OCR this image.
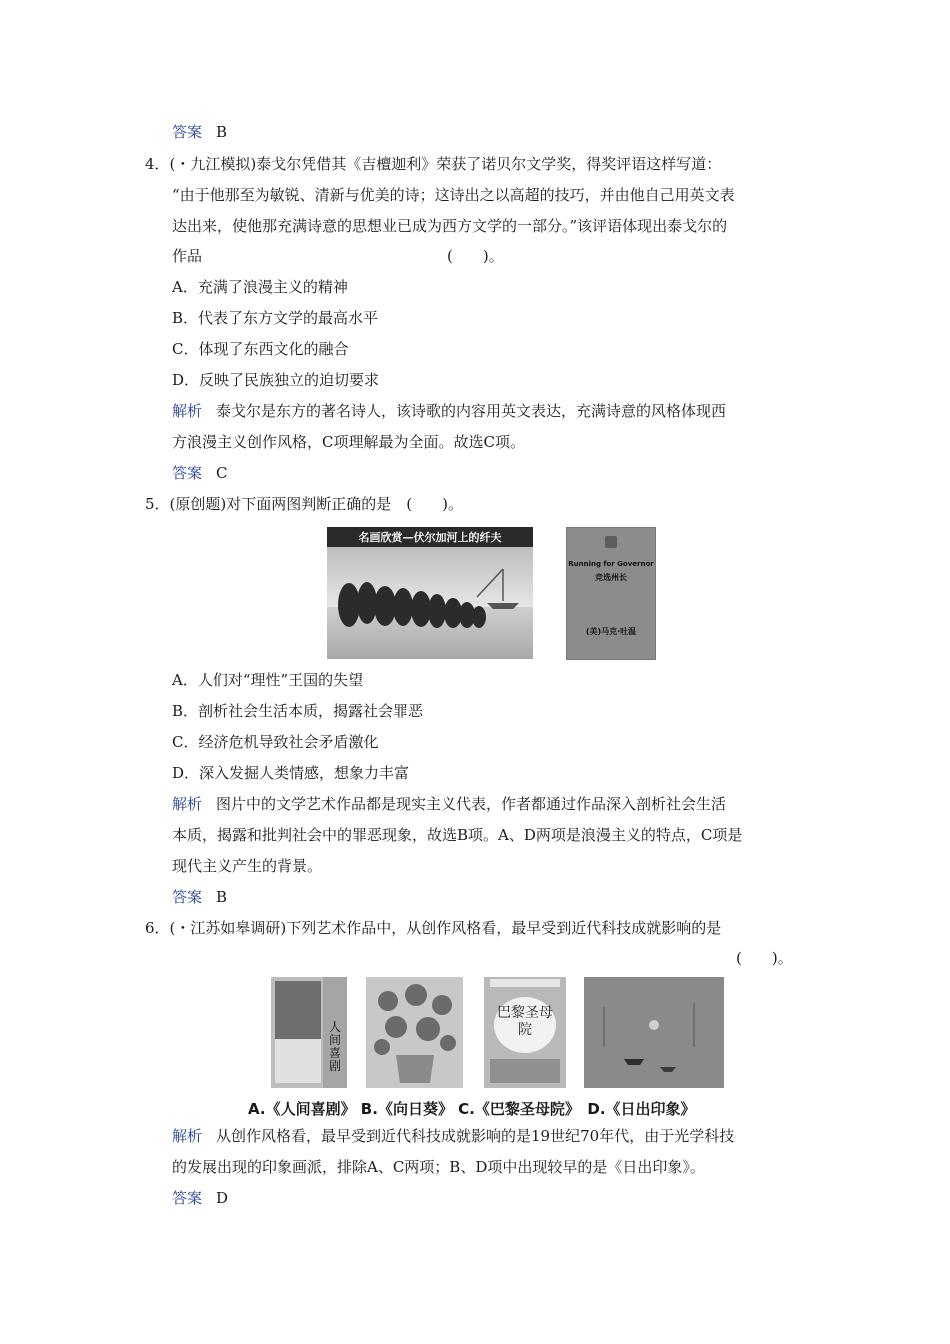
答案 B
4．(・九江模拟)泰戈尔凭借其《吉檀迦利》荣获了诺贝尔文学奖，得奖评语这样写道：
“由于他那至为敏锐、清新与优美的诗；这诗出之以高超的技巧，并由他自己用英文表
达出来，使他那充满诗意的思想业已成为西方文学的一部分。”该评语体现出泰戈尔的
作品	(　　)。
A．充满了浪漫主义的精神
B．代表了东方文学的最高水平
C．体现了东西文化的融合
D．反映了民族独立的迫切要求
解析 泰戈尔是东方的著名诗人，该诗歌的内容用英文表达，充满诗意的风格体现西
方浪漫主义创作风格，C项理解最为全面。故选C项。
答案 C
5．(原创题)对下面两图判断正确的是　(　　)。
名画欣赏—伏尔加河上的纤夫
Running for Governor
竞选州长
(美)马克·吐温
A．人们对“理性”王国的失望
B．剖析社会生活本质，揭露社会罪恶
C．经济危机导致社会矛盾激化
D．深入发掘人类情感，想象力丰富
解析 图片中的文学艺术作品都是现实主义代表，作者都通过作品深入剖析社会生活
本质，揭露和批判社会中的罪恶现象，故选B项。A、D两项是浪漫主义的特点，C项是
现代主义产生的背景。
答案 B
6．(・江苏如皋调研)下列艺术作品中，从创作风格看，最早受到近代科技成就影响的是
(　　)。
人间喜剧
巴黎圣母院
A.《人间喜剧》 B.《向日葵》 C.《巴黎圣母院》　D.《日出印象》
解析 从创作风格看，最早受到近代科技成就影响的是19世纪70年代，由于光学科技
的发展出现的印象画派，排除A、C两项；B、D项中出现较早的是《日出印象》。
答案 D
